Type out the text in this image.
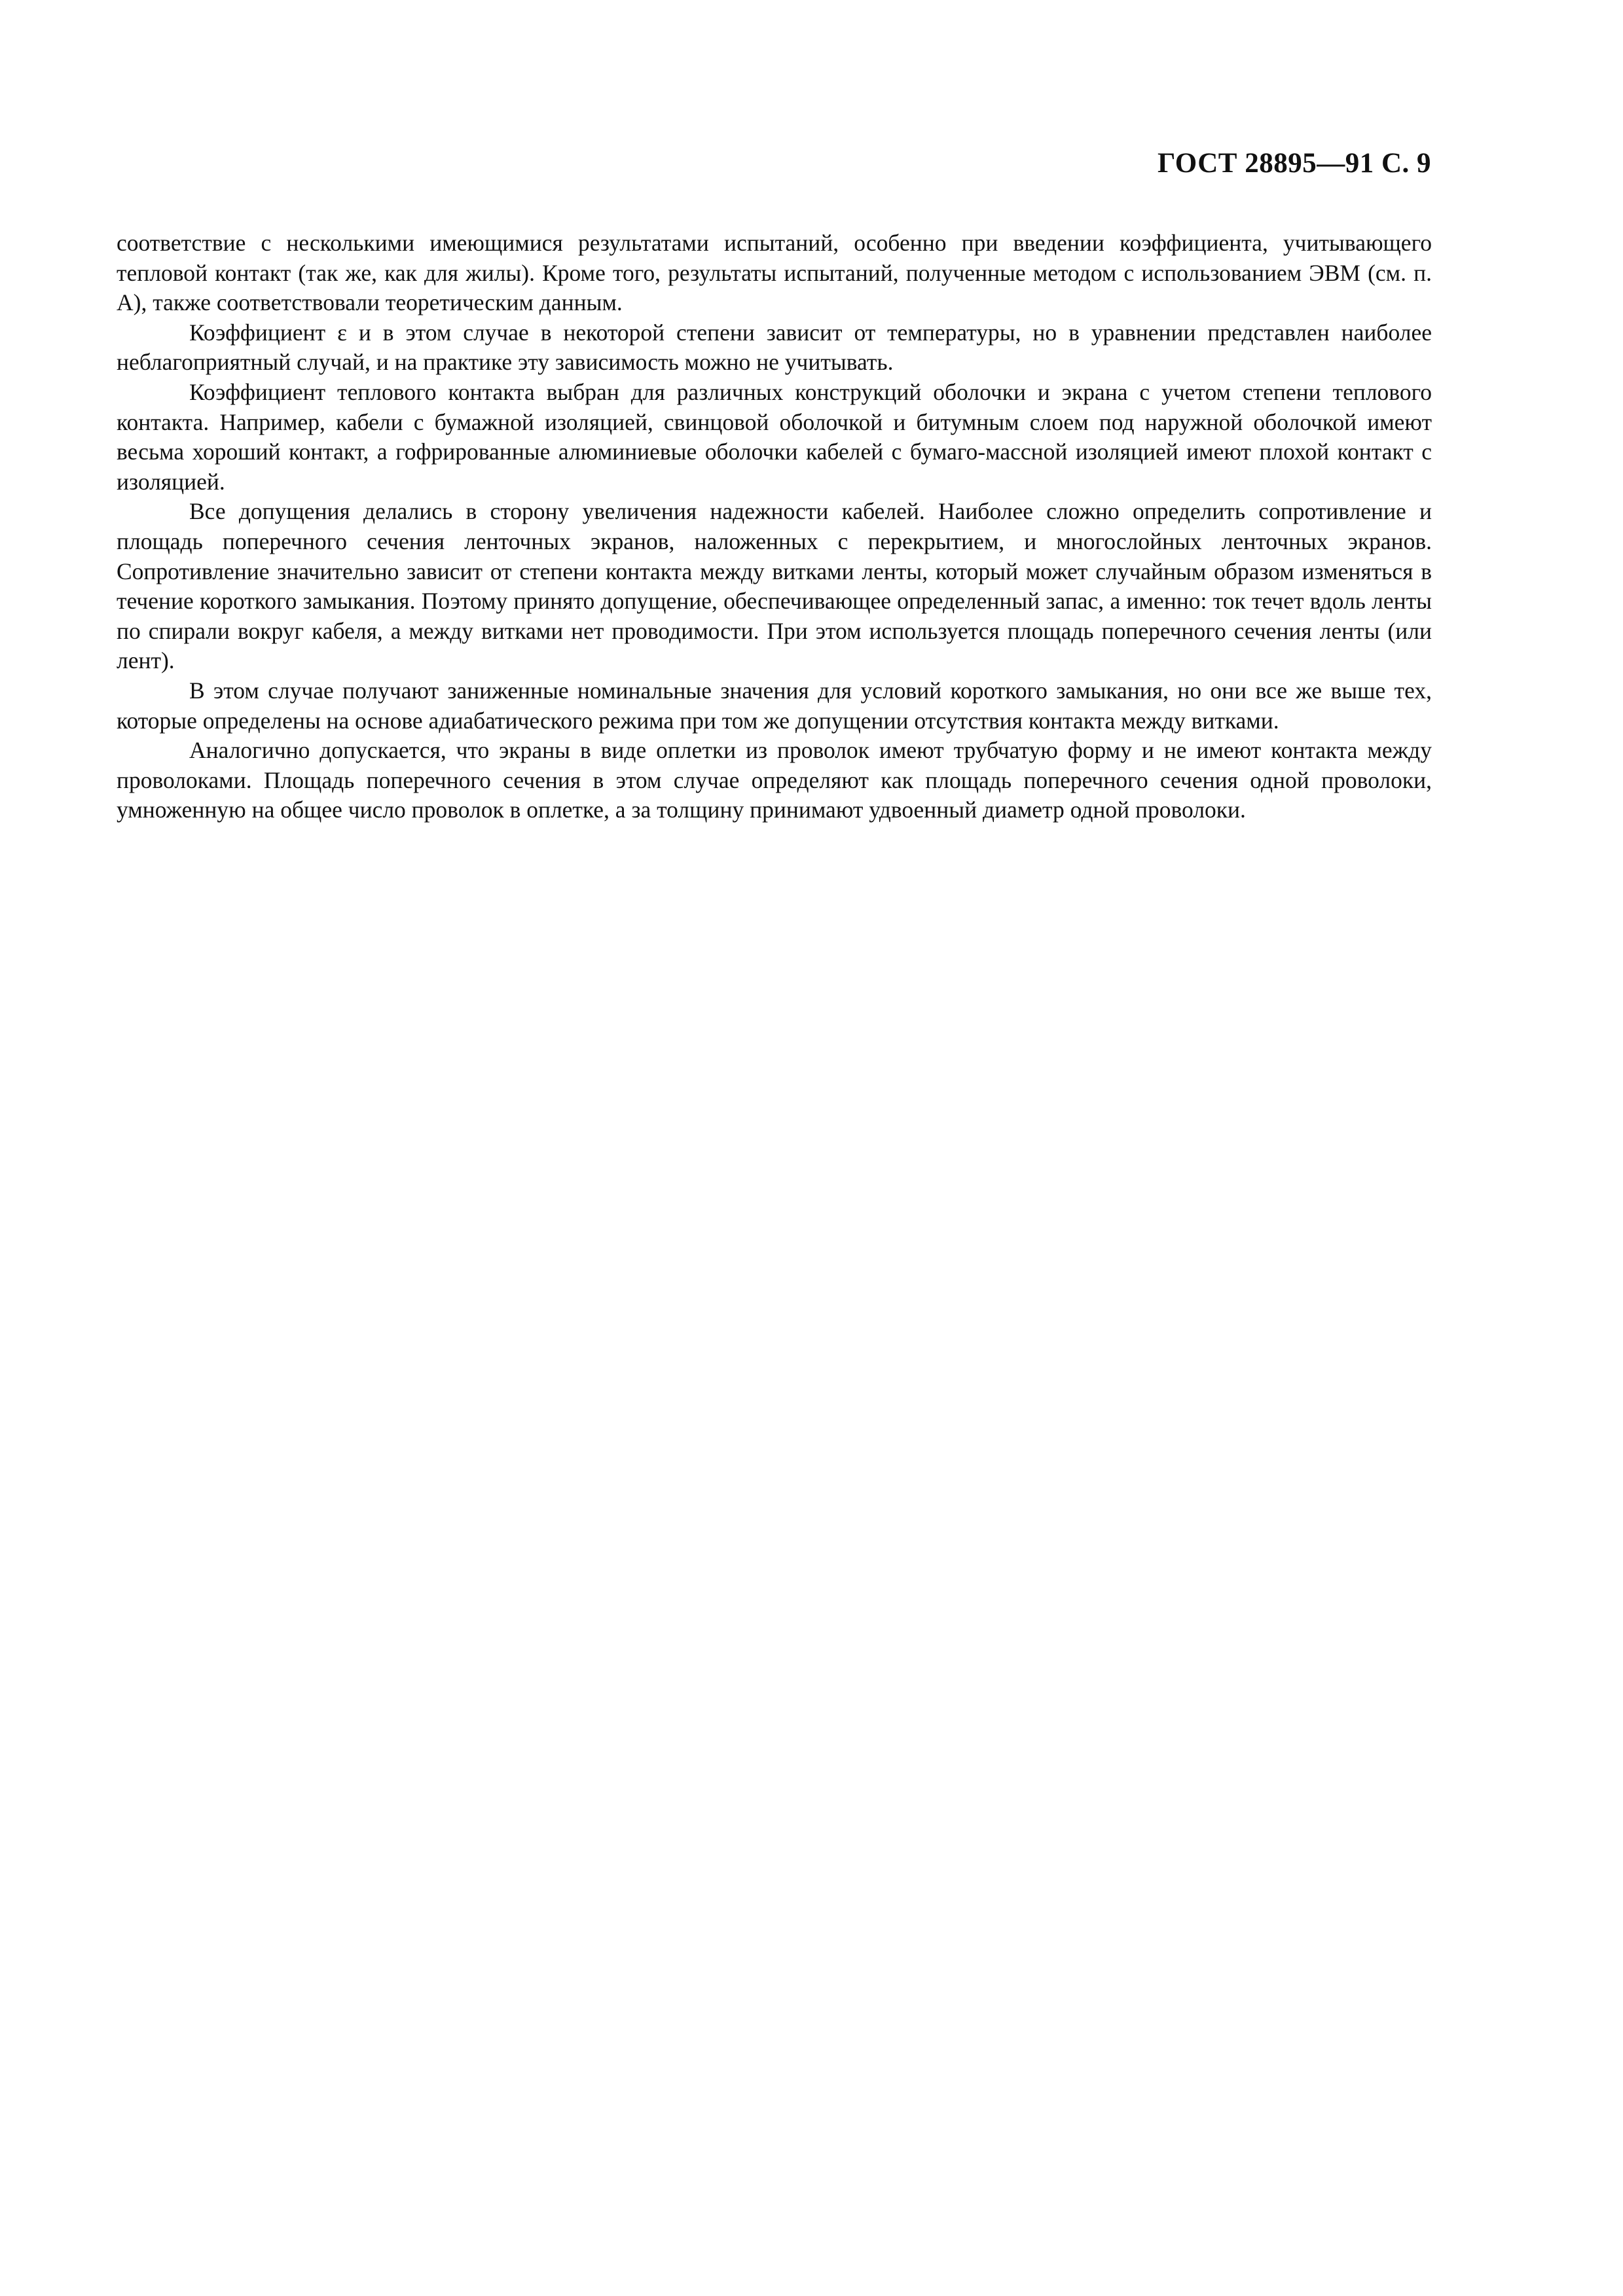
ГОСТ 28895—91 С. 9

соответствие с несколькими имеющимися результатами испытаний, особенно при введении коэффициента, учитывающего тепловой контакт (так же, как для жилы). Кроме того, результаты испытаний, полученные методом с использованием ЭВМ (см. п. А), также соответствовали теоретическим данным.

Коэффициент ε и в этом случае в некоторой степени зависит от температуры, но в уравнении представлен наиболее неблагоприятный случай, и на практике эту зависимость можно не учитывать.

Коэффициент теплового контакта выбран для различных конструкций оболочки и экрана с учетом степени теплового контакта. Например, кабели с бумажной изоляцией, свинцовой оболочкой и битумным слоем под наружной оболочкой имеют весьма хороший контакт, а гофрированные алюминиевые оболочки кабелей с бумаго-массной изоляцией имеют плохой контакт с изоляцией.

Все допущения делались в сторону увеличения надежности кабелей. Наиболее сложно определить сопротивление и площадь поперечного сечения ленточных экранов, наложенных с перекрытием, и многослойных ленточных экранов. Сопротивление значительно зависит от степени контакта между витками ленты, который может случайным образом изменяться в течение короткого замыкания. Поэтому принято допущение, обеспечивающее определенный запас, а именно: ток течет вдоль ленты по спирали вокруг кабеля, а между витками нет проводимости. При этом используется площадь поперечного сечения ленты (или лент).

В этом случае получают заниженные номинальные значения для условий короткого замыкания, но они все же выше тех, которые определены на основе адиабатического режима при том же допущении отсутствия контакта между витками.

Аналогично допускается, что экраны в виде оплетки из проволок имеют трубчатую форму и не имеют контакта между проволоками. Площадь поперечного сечения в этом случае определяют как площадь поперечного сечения одной проволоки, умноженную на общее число проволок в оплетке, а за толщину принимают удвоенный диаметр одной проволоки.
